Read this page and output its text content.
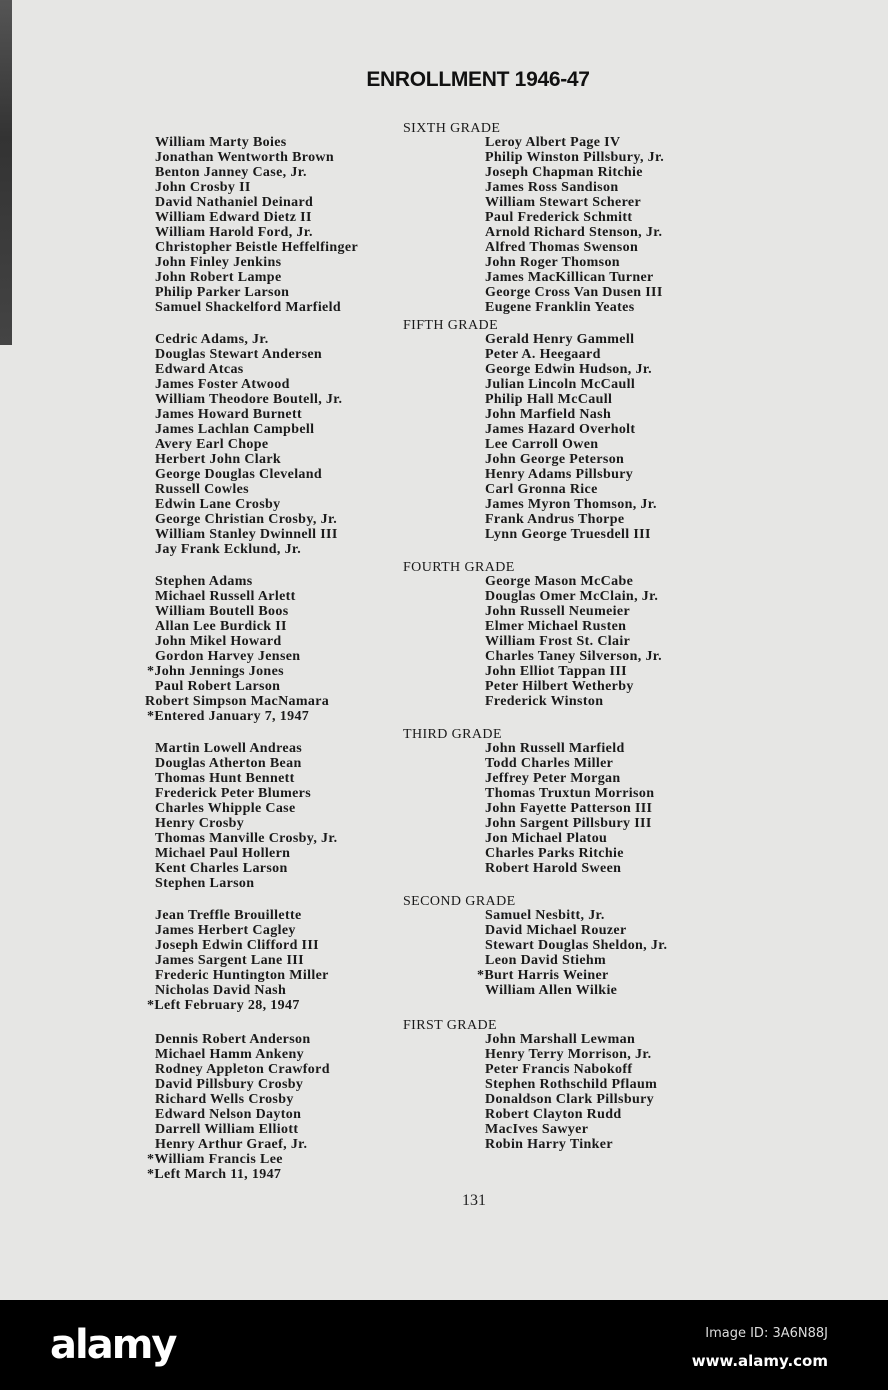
ENROLLMENT 1946-47
SIXTH GRADE
William Marty Boies
Jonathan Wentworth Brown
Benton Janney Case, Jr.
John Crosby II
David Nathaniel Deinard
William Edward Dietz II
William Harold Ford, Jr.
Christopher Beistle Heffelfinger
John Finley Jenkins
John Robert Lampe
Philip Parker Larson
Samuel Shackelford Marfield
Leroy Albert Page IV
Philip Winston Pillsbury, Jr.
Joseph Chapman Ritchie
James Ross Sandison
William Stewart Scherer
Paul Frederick Schmitt
Arnold Richard Stenson, Jr.
Alfred Thomas Swenson
John Roger Thomson
James MacKillican Turner
George Cross Van Dusen III
Eugene Franklin Yeates
FIFTH GRADE
Cedric Adams, Jr.
Douglas Stewart Andersen
Edward Atcas
James Foster Atwood
William Theodore Boutell, Jr.
James Howard Burnett
James Lachlan Campbell
Avery Earl Chope
Herbert John Clark
George Douglas Cleveland
Russell Cowles
Edwin Lane Crosby
George Christian Crosby, Jr.
William Stanley Dwinnell III
Jay Frank Ecklund, Jr.
Gerald Henry Gammell
Peter A. Heegaard
George Edwin Hudson, Jr.
Julian Lincoln McCaull
Philip Hall McCaull
John Marfield Nash
James Hazard Overholt
Lee Carroll Owen
John George Peterson
Henry Adams Pillsbury
Carl Gronna Rice
James Myron Thomson, Jr.
Frank Andrus Thorpe
Lynn George Truesdell III
FOURTH GRADE
Stephen Adams
Michael Russell Arlett
William Boutell Boos
Allan Lee Burdick II
John Mikel Howard
Gordon Harvey Jensen
*John Jennings Jones
Paul Robert Larson
Robert Simpson MacNamara
*Entered January 7, 1947
George Mason McCabe
Douglas Omer McClain, Jr.
John Russell Neumeier
Elmer Michael Rusten
William Frost St. Clair
Charles Taney Silverson, Jr.
John Elliot Tappan III
Peter Hilbert Wetherby
Frederick Winston
THIRD GRADE
Martin Lowell Andreas
Douglas Atherton Bean
Thomas Hunt Bennett
Frederick Peter Blumers
Charles Whipple Case
Henry Crosby
Thomas Manville Crosby, Jr.
Michael Paul Hollern
Kent Charles Larson
Stephen Larson
John Russell Marfield
Todd Charles Miller
Jeffrey Peter Morgan
Thomas Truxtun Morrison
John Fayette Patterson III
John Sargent Pillsbury III
Jon Michael Platou
Charles Parks Ritchie
Robert Harold Sween
SECOND GRADE
Jean Treffle Brouillette
James Herbert Cagley
Joseph Edwin Clifford III
James Sargent Lane III
Frederic Huntington Miller
Nicholas David Nash
*Left February 28, 1947
Samuel Nesbitt, Jr.
David Michael Rouzer
Stewart Douglas Sheldon, Jr.
Leon David Stiehm
*Burt Harris Weiner
William Allen Wilkie
FIRST GRADE
Dennis Robert Anderson
Michael Hamm Ankeny
Rodney Appleton Crawford
David Pillsbury Crosby
Richard Wells Crosby
Edward Nelson Dayton
Darrell William Elliott
Henry Arthur Graef, Jr.
*William Francis Lee
*Left March 11, 1947
John Marshall Lewman
Henry Terry Morrison, Jr.
Peter Francis Nabokoff
Stephen Rothschild Pflaum
Donaldson Clark Pillsbury
Robert Clayton Rudd
MacIves Sawyer
Robin Harry Tinker
131
alamy	Image ID: 3A6N88J
www.alamy.com
